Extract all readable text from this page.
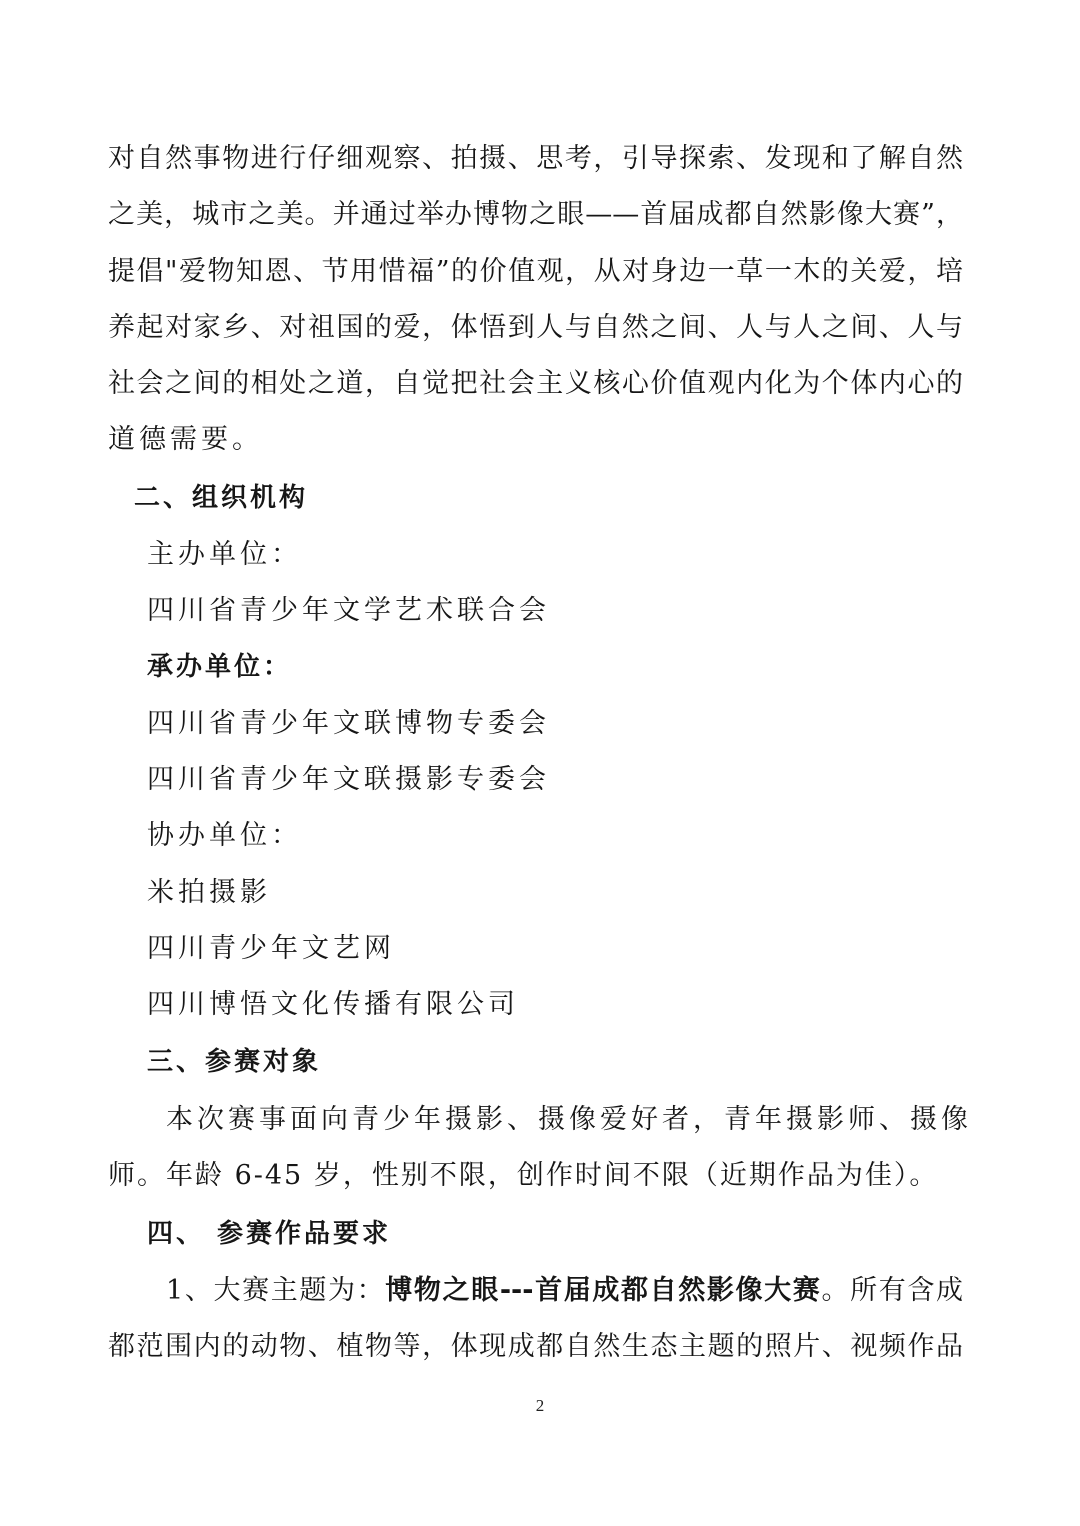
对自然事物进行仔细观察、拍摄、思考，引导探索、发现和了解自然

之美，城市之美。并通过举办博物之眼——首届成都自然影像大赛”，

提倡"爱物知恩、节用惜福”的价值观，从对身边一草一木的关爱，培

养起对家乡、对祖国的爱，体悟到人与自然之间、人与人之间、人与

社会之间的相处之道，自觉把社会主义核心价值观内化为个体内心的

道德需要。

二、组织机构

主办单位：

四川省青少年文学艺术联合会

承办单位：

四川省青少年文联博物专委会

四川省青少年文联摄影专委会

协办单位：

米拍摄影

四川青少年文艺网

四川博悟文化传播有限公司

三、参赛对象

本次赛事面向青少年摄影、摄像爱好者，青年摄影师、摄像

师。年龄 6-45 岁，性别不限，创作时间不限（近期作品为佳）。

四、 参赛作品要求

1、大赛主题为：博物之眼---首届成都自然影像大赛。所有含成

都范围内的动物、植物等，体现成都自然生态主题的照片、视频作品

2
